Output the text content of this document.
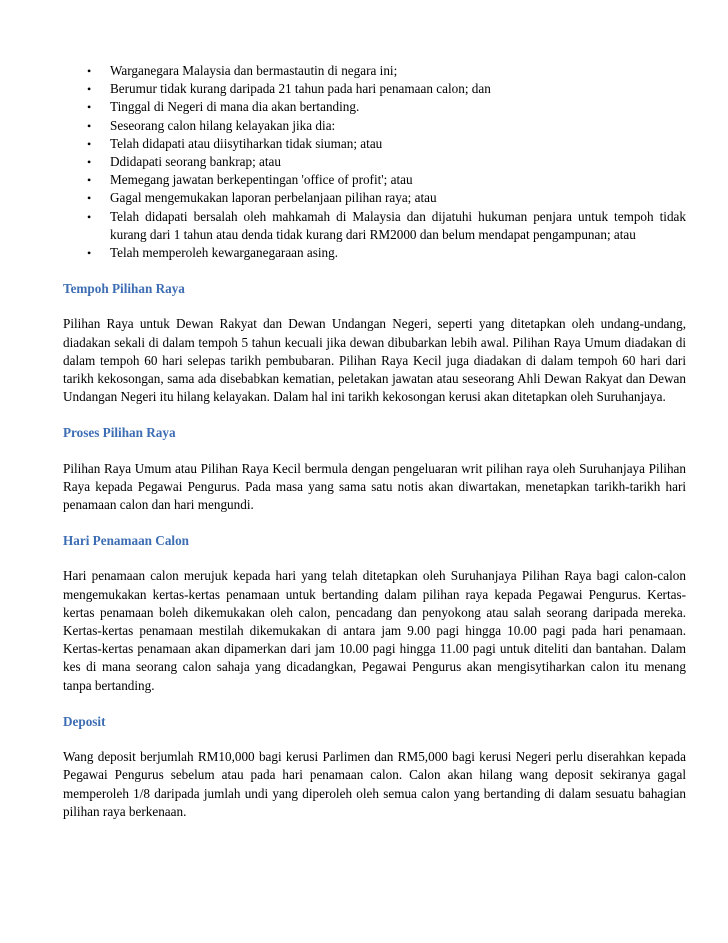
• Warganegara Malaysia dan bermastautin di negara ini;
• Berumur tidak kurang daripada 21 tahun pada hari penamaan calon; dan
• Tinggal di Negeri di mana dia akan bertanding.
• Seseorang calon hilang kelayakan jika dia:
• Telah didapati atau diisytiharkan tidak siuman; atau
• Ddidapati seorang bankrap; atau
• Memegang jawatan berkepentingan 'office of profit'; atau
• Gagal mengemukakan laporan perbelanjaan pilihan raya; atau
• Telah didapati bersalah oleh mahkamah di Malaysia dan dijatuhi hukuman penjara untuk tempoh tidak kurang dari 1 tahun atau denda tidak kurang dari RM2000 dan belum mendapat pengampunan; atau
• Telah memperoleh kewarganegaraan asing.
Tempoh Pilihan Raya

Pilihan Raya untuk Dewan Rakyat dan Dewan Undangan Negeri, seperti yang ditetapkan oleh undang-undang, diadakan sekali di dalam tempoh 5 tahun kecuali jika dewan dibubarkan lebih awal. Pilihan Raya Umum diadakan di dalam tempoh 60 hari selepas tarikh pembubaran. Pilihan Raya Kecil juga diadakan di dalam tempoh 60 hari dari tarikh kekosongan, sama ada disebabkan kematian, peletakan jawatan atau seseorang Ahli Dewan Rakyat dan Dewan Undangan Negeri itu hilang kelayakan. Dalam hal ini tarikh kekosongan kerusi akan ditetapkan oleh Suruhanjaya.

Proses Pilihan Raya

Pilihan Raya Umum atau Pilihan Raya Kecil bermula dengan pengeluaran writ pilihan raya oleh Suruhanjaya Pilihan Raya kepada Pegawai Pengurus. Pada masa yang sama satu notis akan diwartakan, menetapkan tarikh-tarikh hari penamaan calon dan hari mengundi.

Hari Penamaan Calon

Hari penamaan calon merujuk kepada hari yang telah ditetapkan oleh Suruhanjaya Pilihan Raya bagi calon-calon mengemukakan kertas-kertas penamaan untuk bertanding dalam pilihan raya kepada Pegawai Pengurus. Kertas-kertas penamaan boleh dikemukakan oleh calon, pencadang dan penyokong atau salah seorang daripada mereka. Kertas-kertas penamaan mestilah dikemukakan di antara jam 9.00 pagi hingga 10.00 pagi pada hari penamaan. Kertas-kertas penamaan akan dipamerkan dari jam 10.00 pagi hingga 11.00 pagi untuk diteliti dan bantahan. Dalam kes di mana seorang calon sahaja yang dicadangkan, Pegawai Pengurus akan mengisytiharkan calon itu menang tanpa bertanding.

Deposit

Wang deposit berjumlah RM10,000 bagi kerusi Parlimen dan RM5,000 bagi kerusi Negeri perlu diserahkan kepada Pegawai Pengurus sebelum atau pada hari penamaan calon. Calon akan hilang wang deposit sekiranya gagal memperoleh 1/8 daripada jumlah undi yang diperoleh oleh semua calon yang bertanding di dalam sesuatu bahagian pilihan raya berkenaan.
